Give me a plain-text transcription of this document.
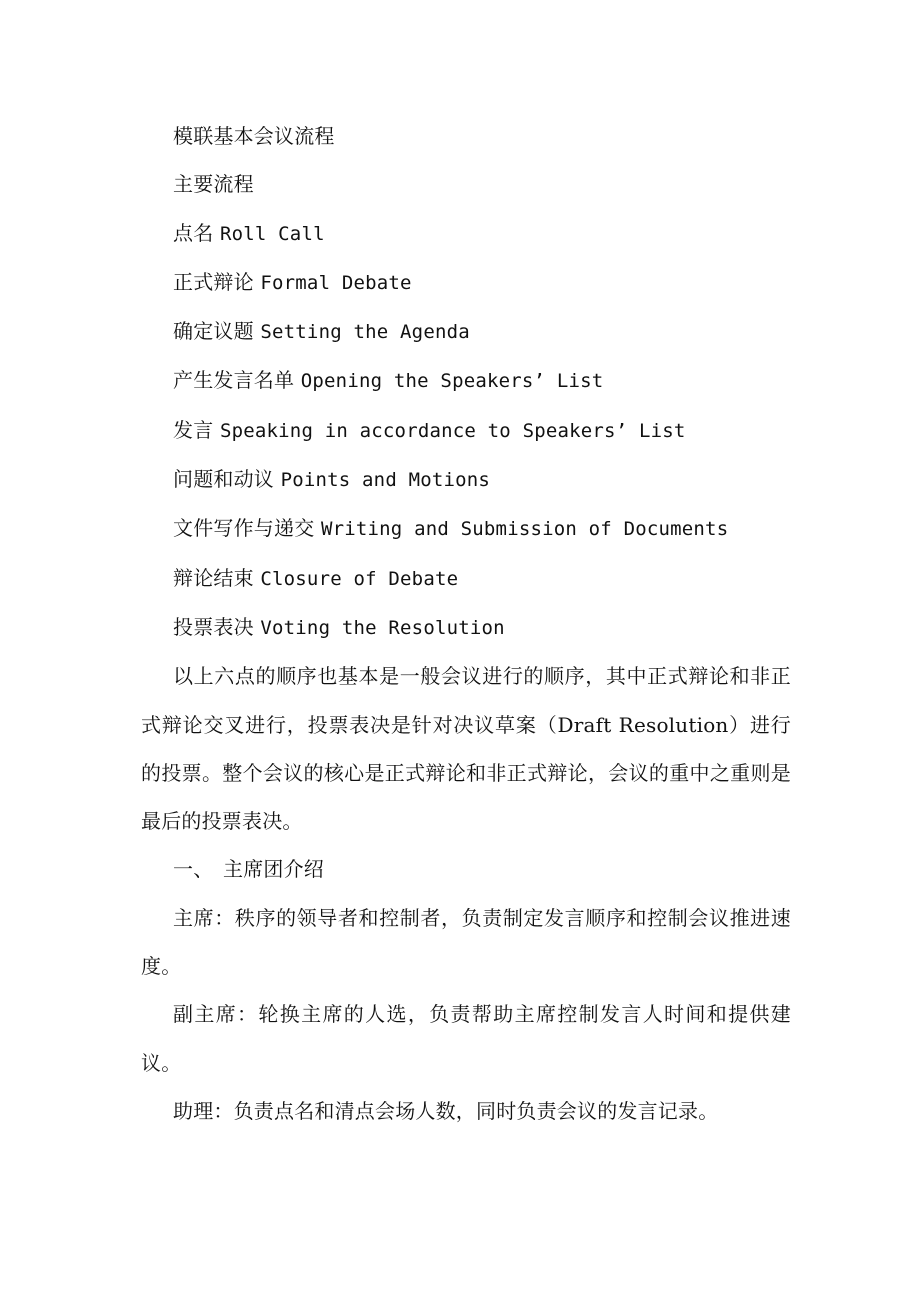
模联基本会议流程

主要流程

点名 Roll Call

正式辩论 Formal Debate

确定议题 Setting the Agenda

产生发言名单 Opening the Speakers’ List

发言 Speaking in accordance to Speakers’ List

问题和动议 Points and Motions

文件写作与递交 Writing and Submission of Documents

辩论结束 Closure of Debate

投票表决 Voting the Resolution

以上六点的顺序也基本是一般会议进行的顺序，其中正式辩论和非正式辩论交叉进行，投票表决是针对决议草案（Draft Resolution）进行的投票。整个会议的核心是正式辩论和非正式辩论，会议的重中之重则是最后的投票表决。

一、 主席团介绍

主席：秩序的领导者和控制者，负责制定发言顺序和控制会议推进速度。

副主席：轮换主席的人选，负责帮助主席控制发言人时间和提供建议。

助理：负责点名和清点会场人数，同时负责会议的发言记录。
